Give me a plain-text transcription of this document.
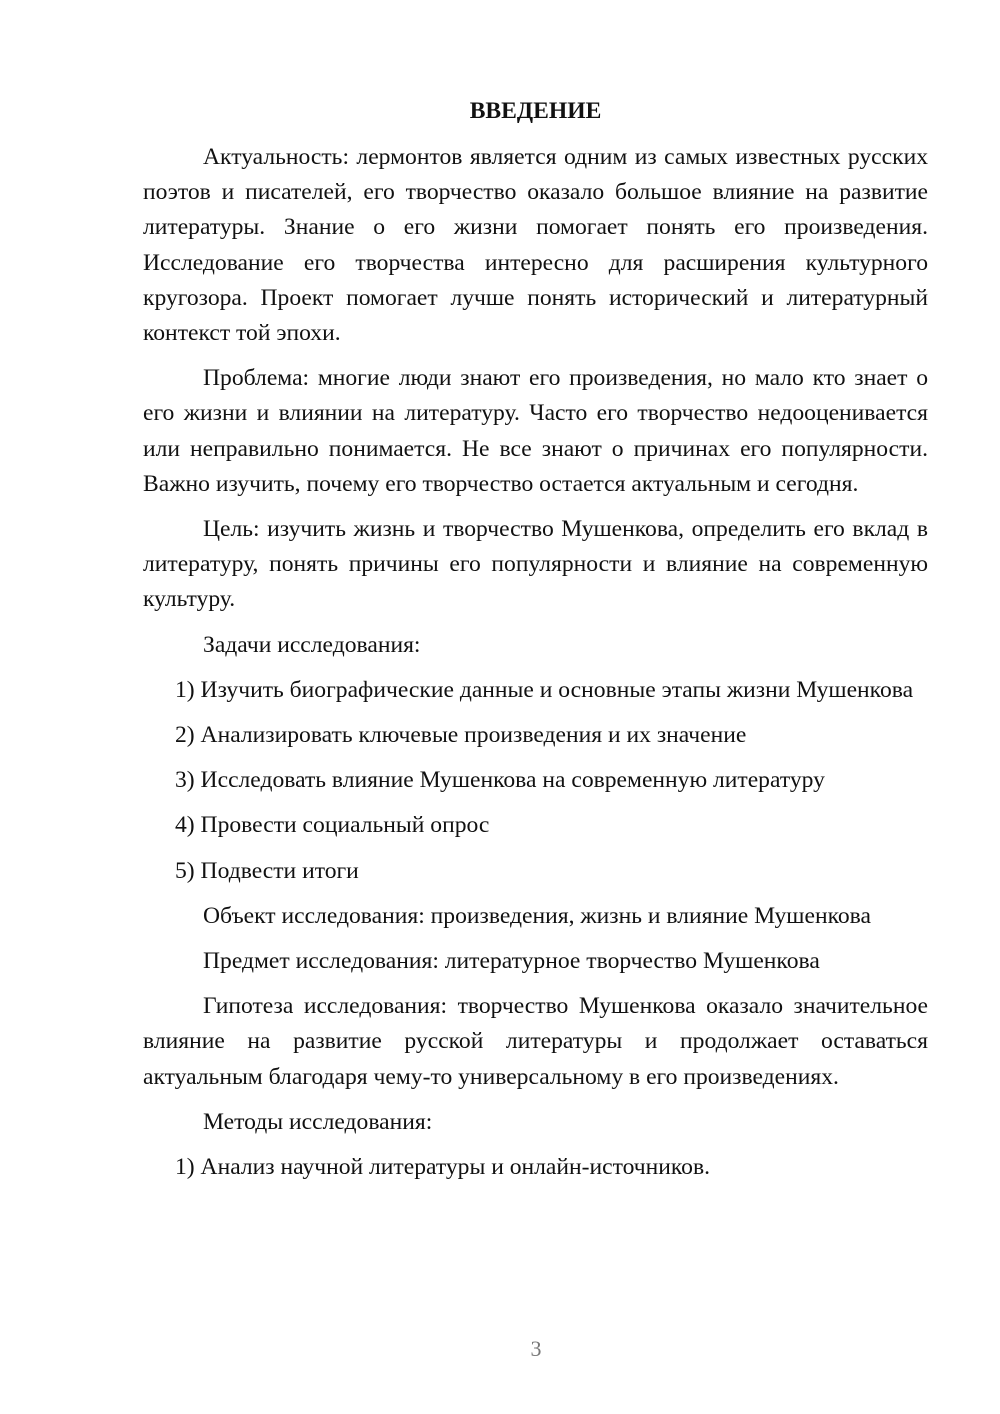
ВВЕДЕНИЕ

Актуальность: лермонтов является одним из самых известных русских поэтов и писателей, его творчество оказало большое влияние на развитие литературы. Знание о его жизни помогает понять его произведения. Исследование его творчества интересно для расширения культурного кругозора. Проект помогает лучше понять исторический и литературный контекст той эпохи.

Проблема: многие люди знают его произведения, но мало кто знает о его жизни и влиянии на литературу. Часто его творчество недооценивается или неправильно понимается. Не все знают о причинах его популярности. Важно изучить, почему его творчество остается актуальным и сегодня.

Цель: изучить жизнь и творчество Мушенкова, определить его вклад в литературу, понять причины его популярности и влияние на современную культуру.

Задачи исследования:

1) Изучить биографические данные и основные этапы жизни Мушенкова

2) Анализировать ключевые произведения и их значение

3) Исследовать влияние Мушенкова на современную литературу

4) Провести социальный опрос

5) Подвести итоги

Объект исследования: произведения, жизнь и влияние Мушенкова

Предмет исследования: литературное творчество Мушенкова

Гипотеза исследования: творчество Мушенкова оказало значительное влияние на развитие русской литературы и продолжает оставаться актуальным благодаря чему-то универсальному в его произведениях.

Методы исследования:

1) Анализ научной литературы и онлайн-источников.

3
